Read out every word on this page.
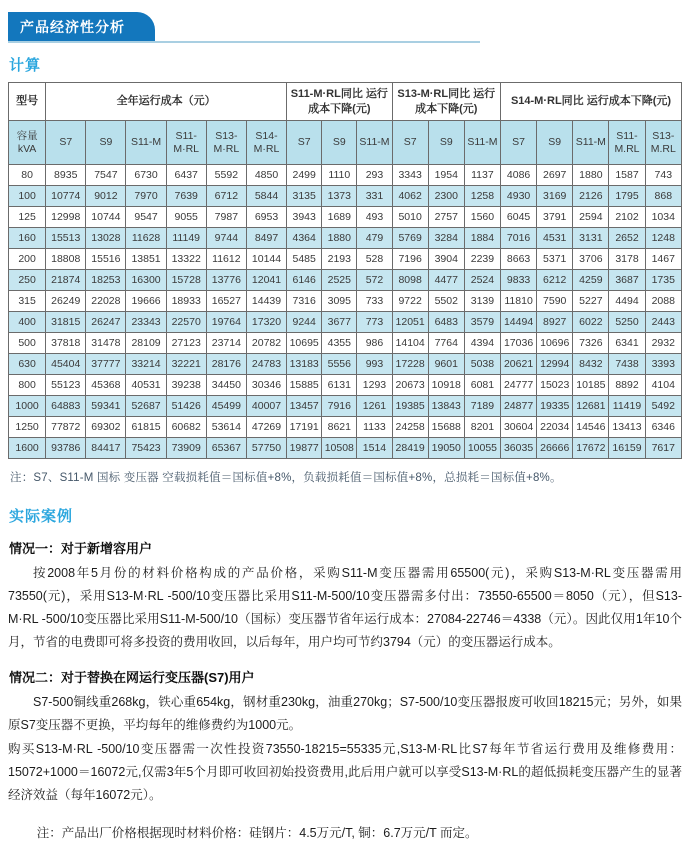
产品经济性分析
计算
型号	全年运行成本（元）						S11-M·RL同比 运行成本下降(元)			S13-M·RL同比 运行成本下降(元)			S14-M·RL同比 运行成本下降(元)				

容量
kVA	S7	S9	S11-M	S11-M·RL	S13-M·RL	S14-M·RL	S7	S9	S11-M	S7	S9	S11-M	S7	S9	S11-M	S11-M.RL	S13-M.RL
80	8935	7547	6730	6437	5592	4850	2499	1110	293	3343	1954	1137	4086	2697	1880	1587	743
100	10774	9012	7970	7639	6712	5844	3135	1373	331	4062	2300	1258	4930	3169	2126	1795	868
125	12998	10744	9547	9055	7987	6953	3943	1689	493	5010	2757	1560	6045	3791	2594	2102	1034
160	15513	13028	11628	11149	9744	8497	4364	1880	479	5769	3284	1884	7016	4531	3131	2652	1248
200	18808	15516	13851	13322	11612	10144	5485	2193	528	7196	3904	2239	8663	5371	3706	3178	1467
250	21874	18253	16300	15728	13776	12041	6146	2525	572	8098	4477	2524	9833	6212	4259	3687	1735
315	26249	22028	19666	18933	16527	14439	7316	3095	733	9722	5502	3139	11810	7590	5227	4494	2088
400	31815	26247	23343	22570	19764	17320	9244	3677	773	12051	6483	3579	14494	8927	6022	5250	2443
500	37818	31478	28109	27123	23714	20782	10695	4355	986	14104	7764	4394	17036	10696	7326	6341	2932
630	45404	37777	33214	32221	28176	24783	13183	5556	993	17228	9601	5038	20621	12994	8432	7438	3393
800	55123	45368	40531	39238	34450	30346	15885	6131	1293	20673	10918	6081	24777	15023	10185	8892	4104
1000	64883	59341	52687	51426	45499	40007	13457	7916	1261	19385	13843	7189	24877	19335	12681	11419	5492
1250	77872	69302	61815	60682	53614	47269	17191	8621	1133	24258	15688	8201	30604	22034	14546	13413	6346
1600	93786	84417	75423	73909	65367	57750	19877	10508	1514	28419	19050	10055	36035	26666	17672	16159	7617
注：S7、S11-M 国标 变压器 空载损耗值＝国标值+8%，负载损耗值＝国标值+8%，总损耗＝国标值+8%。
实际案例
情况一：对于新增容用户

按2008年5月份的材料价格构成的产品价格，采购S11-M变压器需用65500(元)，采购S13-M·RL变压器需用73550(元)，采用S13-M·RL -500/10变压器比采用S11-M-500/10变压器需多付出：73550-65500＝8050（元），但S13-M·RL -500/10变压器比采用S11-M-500/10（国标）变压器节省年运行成本：27084-22746＝4338（元）。因此仅用1年10个月，节省的电费即可将多投资的费用收回，以后每年，用户均可节约3794（元）的变压器运行成本。

情况二：对于替换在网运行变压器(S7)用户

S7-500铜线重268kg，铁心重654kg，钢材重230kg，油重270kg；S7-500/10变压器报废可收回18215元；另外，如果原S7变压器不更换，平均每年的维修费约为1000元。

购买S13-M·RL -500/10变压器需一次性投资73550-18215=55335元,S13-M·RL比S7每年节省运行费用及维修费用：15072+1000＝16072元,仅需3年5个月即可收回初始投资费用,此后用户就可以享受S13-M·RL的超低损耗变压器产生的显著经济效益（每年16072元）。

注：产品出厂价格根据现时材料价格：硅钢片：4.5万元/T, 铜：6.7万元/T 而定。
